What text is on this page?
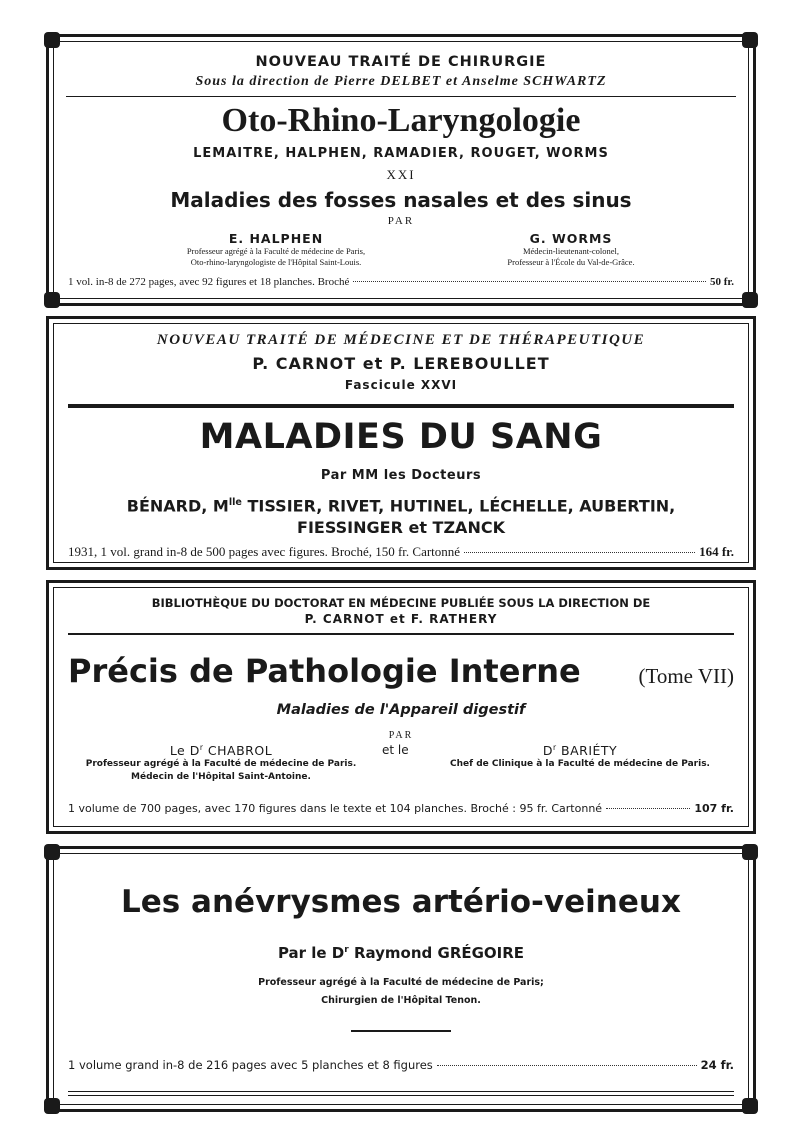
NOUVEAU TRAITÉ DE CHIRURGIE
Sous la direction de Pierre DELBET et Anselme SCHWARTZ
Oto-Rhino-Laryngologie
LEMAITRE, HALPHEN, RAMADIER, ROUGET, WORMS
XXI
Maladies des fosses nasales et des sinus
PAR
E. HALPHEN
Professeur agrégé à la Faculté de médecine de Paris,
Oto-rhino-laryngologiste de l'Hôpital Saint-Louis.
G. WORMS
Médecin-lieutenant-colonel,
Professeur à l'École du Val-de-Grâce.
1 vol. in-8 de 272 pages, avec 92 figures et 18 planches. Broché	50 fr.
NOUVEAU TRAITÉ DE MÉDECINE ET DE THÉRAPEUTIQUE
P. CARNOT et P. LEREBOULLET
Fascicule XXVI
MALADIES DU SANG
Par MM les Docteurs
BÉNARD, $M^{lle}$ TISSIER, RIVET, HUTINEL, LÉCHELLE, AUBERTIN,
FIESSINGER et TZANCK
1931, 1 vol. grand in-8 de 500 pages avec figures. Broché, 150 fr. Cartonné	164 fr.
BIBLIOTHÈQUE DU DOCTORAT EN MÉDECINE PUBLIÉE SOUS LA DIRECTION DE
P. CARNOT et F. RATHERY
Précis de Pathologie Interne	(Tome VII)
Maladies de l'Appareil digestif
PAR
Le $D^r$ CHABROL
Professeur agrégé à la Faculté de médecine de Paris.
Médecin de l'Hôpital Saint-Antoine.
et le	$D^r$ BARIÉTY
Chef de Clinique à la Faculté de médecine de Paris.
1 volume de 700 pages, avec 170 figures dans le texte et 104 planches. Broché : 95 fr. Cartonné	107 fr.
Les anévrysmes artério-veineux
Par le $D^r$ Raymond GRÉGOIRE
Professeur agrégé à la Faculté de médecine de Paris;
Chirurgien de l'Hôpital Tenon.
1 volume grand in-8 de 216 pages avec 5 planches et 8 figures	24 fr.
